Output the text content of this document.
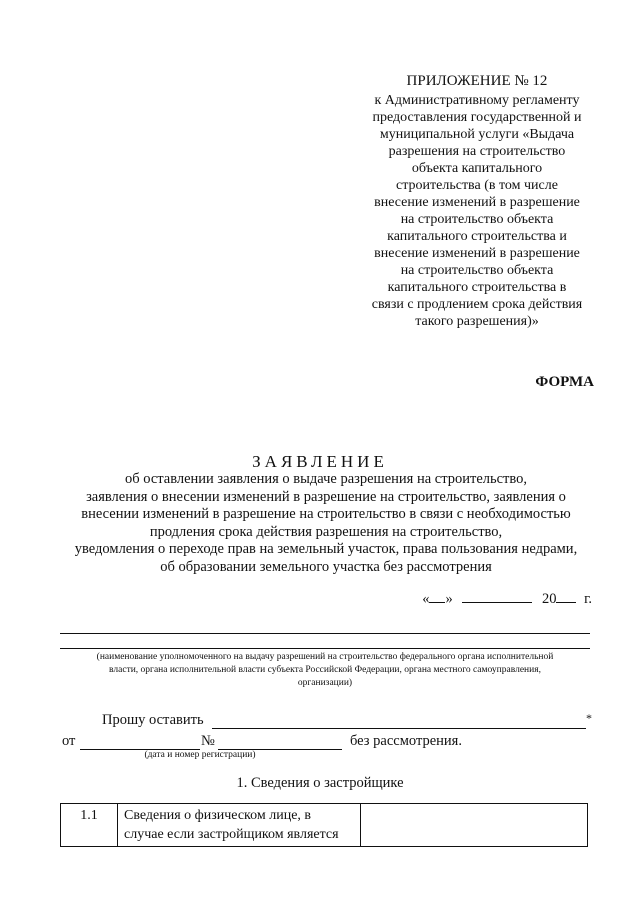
ПРИЛОЖЕНИЕ № 12
к Административному регламенту
предоставления государственной и
муниципальной услуги «Выдача
разрешения на строительство
объекта капитального
строительства (в том числе
внесение изменений в разрешение
на строительство объекта
капитального строительства и
внесение изменений в разрешение
на строительство объекта
капитального строительства в
связи с продлением срока действия
такого разрешения)»
ФОРМА
ЗАЯВЛЕНИЕ
об оставлении заявления о выдаче разрешения на строительство,
заявления о внесении изменений в разрешение на строительство, заявления о
внесении изменений в разрешение на строительство в связи с необходимостью
продления срока действия разрешения на строительство,
уведомления о переходе прав на земельный участок, права пользования недрами,
об образовании земельного участка без рассмотрения
« »	20 г.
(наименование уполномоченного на выдачу разрешений на строительство федерального органа исполнительной
власти, органа исполнительной власти субъекта Российской Федерации, органа местного самоуправления,
организации)
Прошу оставить	*
от	№	без рассмотрения.
(дата и номер регистрации)
1. Сведения о застройщике
1.1	Сведения о физическом лице, в
случае если застройщиком является
